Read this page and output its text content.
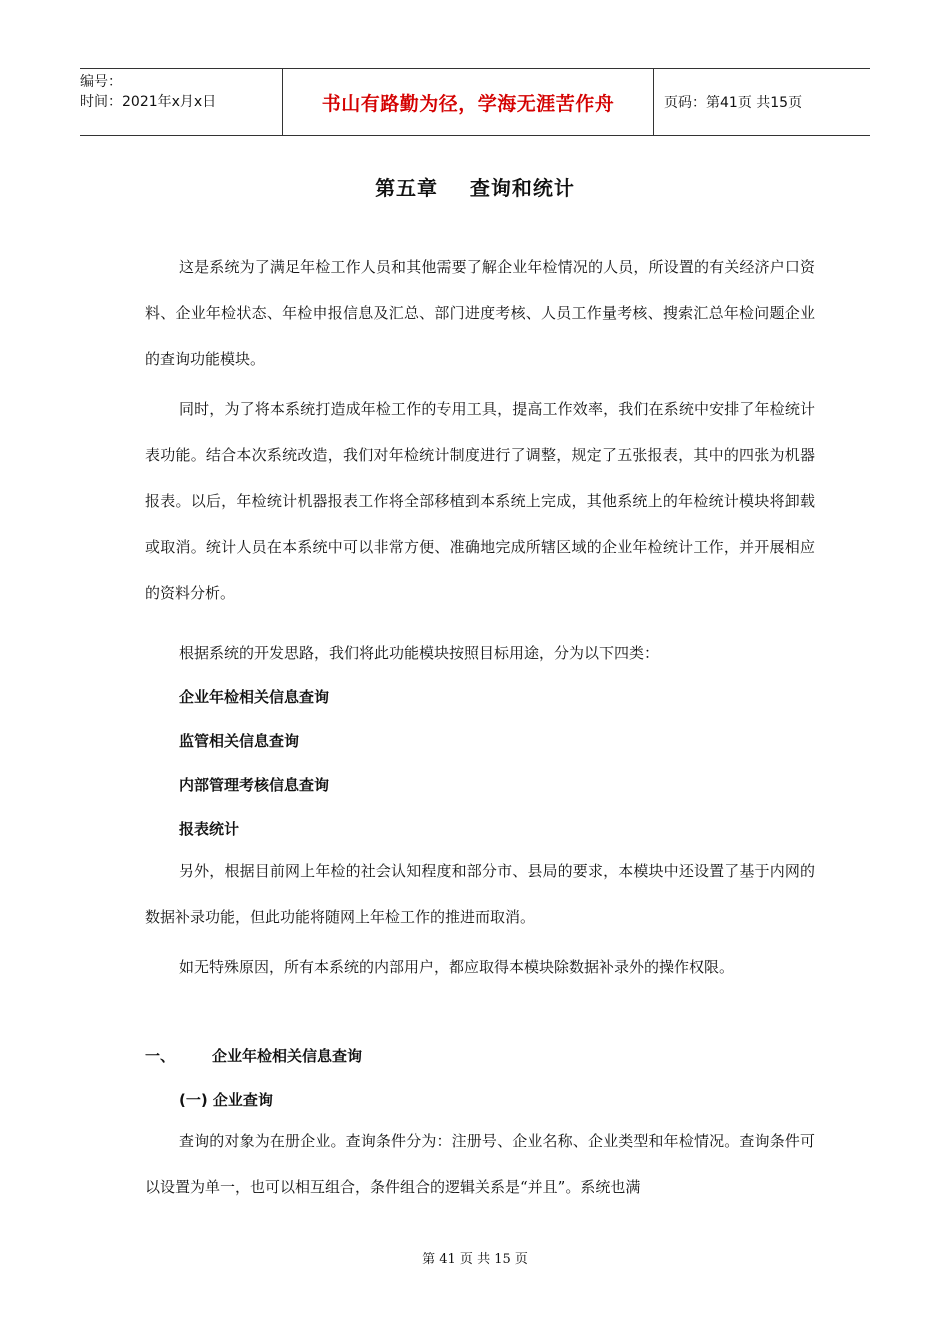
编号：
时间：2021年x月x日	书山有路勤为径，学海无涯苦作舟	页码：第41页 共15页
第五章    查询和统计
这是系统为了满足年检工作人员和其他需要了解企业年检情况的人员，所设置的有关经济户口资料、企业年检状态、年检申报信息及汇总、部门进度考核、人员工作量考核、搜索汇总年检问题企业的查询功能模块。
同时，为了将本系统打造成年检工作的专用工具，提高工作效率，我们在系统中安排了年检统计表功能。结合本次系统改造，我们对年检统计制度进行了调整，规定了五张报表，其中的四张为机器报表。以后，年检统计机器报表工作将全部移植到本系统上完成，其他系统上的年检统计模块将卸载或取消。统计人员在本系统中可以非常方便、准确地完成所辖区域的企业年检统计工作，并开展相应的资料分析。
根据系统的开发思路，我们将此功能模块按照目标用途，分为以下四类：
企业年检相关信息查询
监管相关信息查询
内部管理考核信息查询
报表统计
另外，根据目前网上年检的社会认知程度和部分市、县局的要求，本模块中还设置了基于内网的数据补录功能，但此功能将随网上年检工作的推进而取消。
如无特殊原因，所有本系统的内部用户，都应取得本模块除数据补录外的操作权限。
一、	企业年检相关信息查询
(一) 企业查询
查询的对象为在册企业。查询条件分为：注册号、企业名称、企业类型和年检情况。查询条件可以设置为单一，也可以相互组合，条件组合的逻辑关系是“并且”。系统也满
第 41 页 共 15 页
